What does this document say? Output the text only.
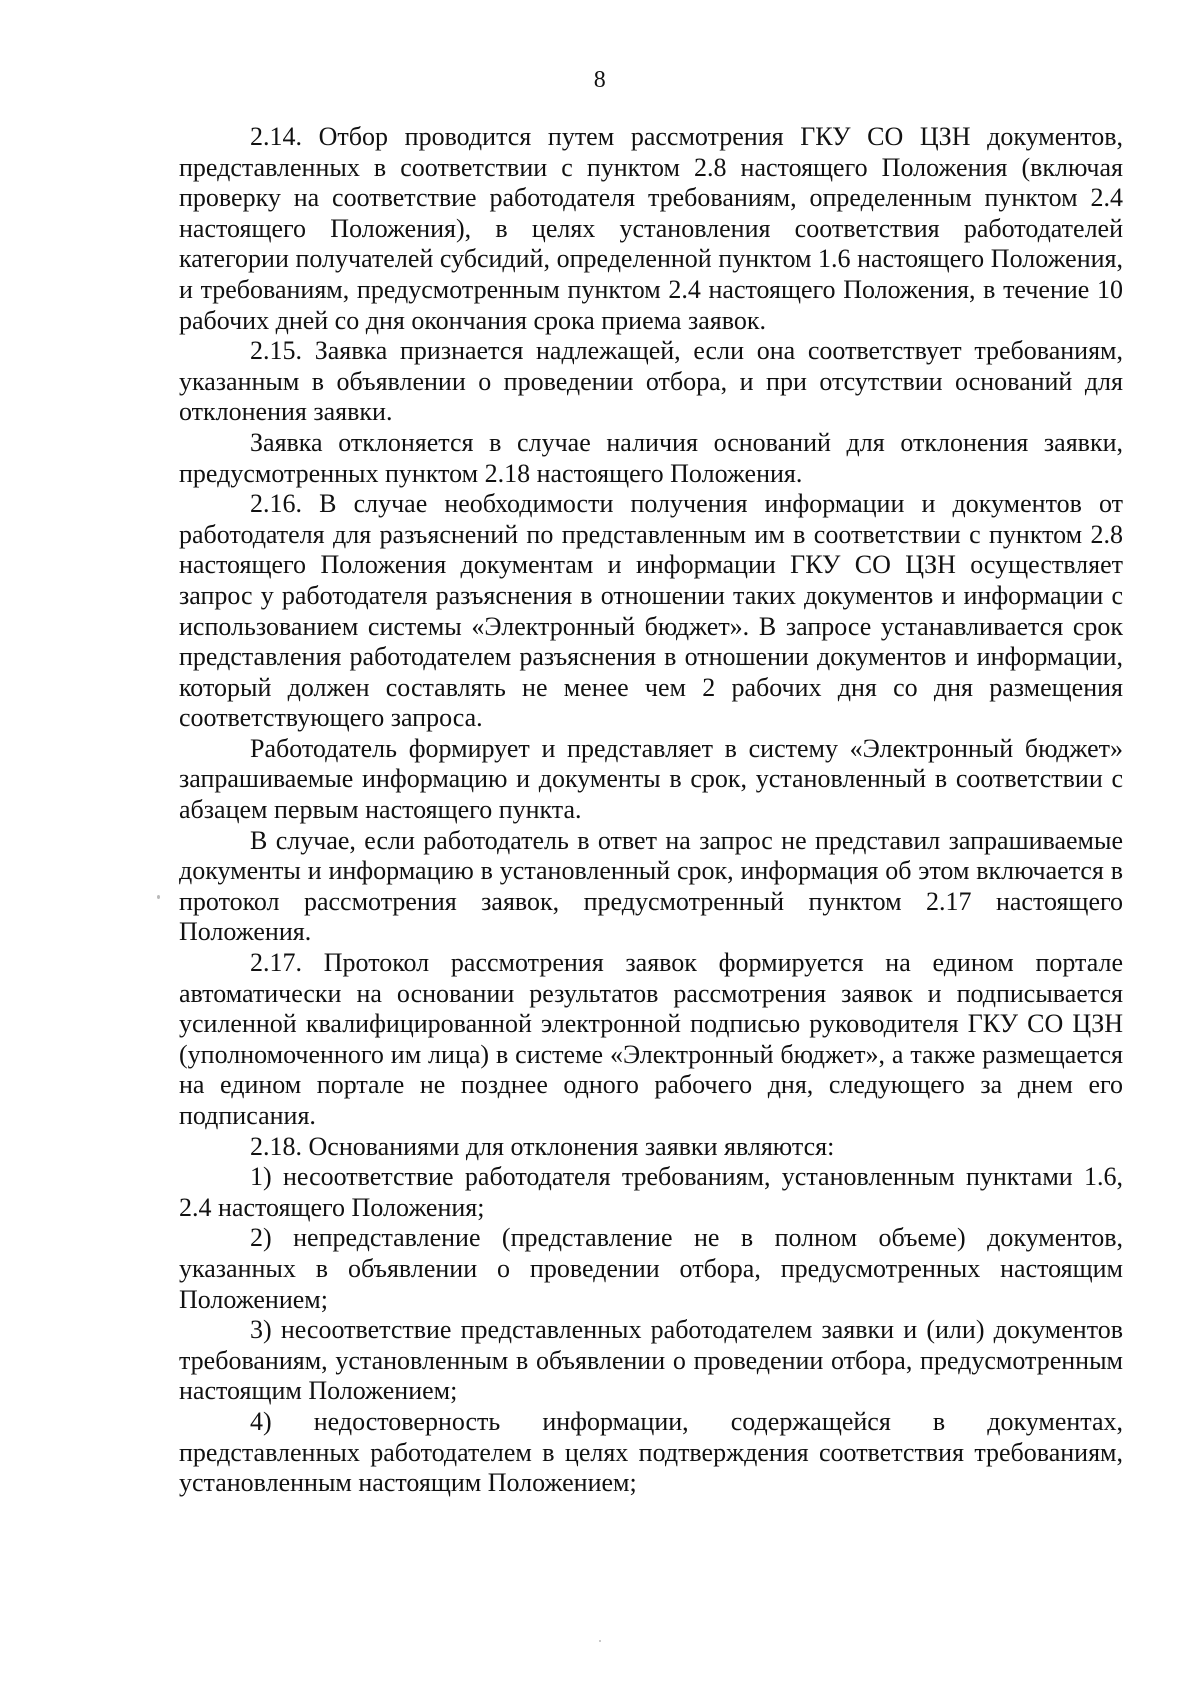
8

2.14. Отбор проводится путем рассмотрения ГКУ СО ЦЗН документов, представленных в соответствии с пунктом 2.8 настоящего Положения (включая проверку на соответствие работодателя требованиям, определенным пунктом 2.4 настоящего Положения), в целях установления соответствия работодателей категории получателей субсидий, определенной пунктом 1.6 настоящего Положения, и требованиям, предусмотренным пунктом 2.4 настоящего Положения, в течение 10 рабочих дней со дня окончания срока приема заявок.

2.15. Заявка признается надлежащей, если она соответствует требованиям, указанным в объявлении о проведении отбора, и при отсутствии оснований для отклонения заявки.

Заявка отклоняется в случае наличия оснований для отклонения заявки, предусмотренных пунктом 2.18 настоящего Положения.

2.16. В случае необходимости получения информации и документов от работодателя для разъяснений по представленным им в соответствии с пунктом 2.8 настоящего Положения документам и информации ГКУ СО ЦЗН осуществляет запрос у работодателя разъяснения в отношении таких документов и информации с использованием системы «Электронный бюджет». В запросе устанавливается срок представления работодателем разъяснения в отношении документов и информации, который должен составлять не менее чем 2 рабочих дня со дня размещения соответствующего запроса.

Работодатель формирует и представляет в систему «Электронный бюджет» запрашиваемые информацию и документы в срок, установленный в соответствии с абзацем первым настоящего пункта.

В случае, если работодатель в ответ на запрос не представил запрашиваемые документы и информацию в установленный срок, информация об этом включается в протокол рассмотрения заявок, предусмотренный пунктом 2.17 настоящего Положения.

2.17. Протокол рассмотрения заявок формируется на едином портале автоматически на основании результатов рассмотрения заявок и подписывается усиленной квалифицированной электронной подписью руководителя ГКУ СО ЦЗН (уполномоченного им лица) в системе «Электронный бюджет», а также размещается на едином портале не позднее одного рабочего дня, следующего за днем его подписания.

2.18. Основаниями для отклонения заявки являются:

1) несоответствие работодателя требованиям, установленным пунктами 1.6, 2.4 настоящего Положения;

2) непредставление (представление не в полном объеме) документов, указанных в объявлении о проведении отбора, предусмотренных настоящим Положением;

3) несоответствие представленных работодателем заявки и (или) документов требованиям, установленным в объявлении о проведении отбора, предусмотренным настоящим Положением;

4) недостоверность информации, содержащейся в документах, представленных работодателем в целях подтверждения соответствия требованиям, установленным настоящим Положением;
